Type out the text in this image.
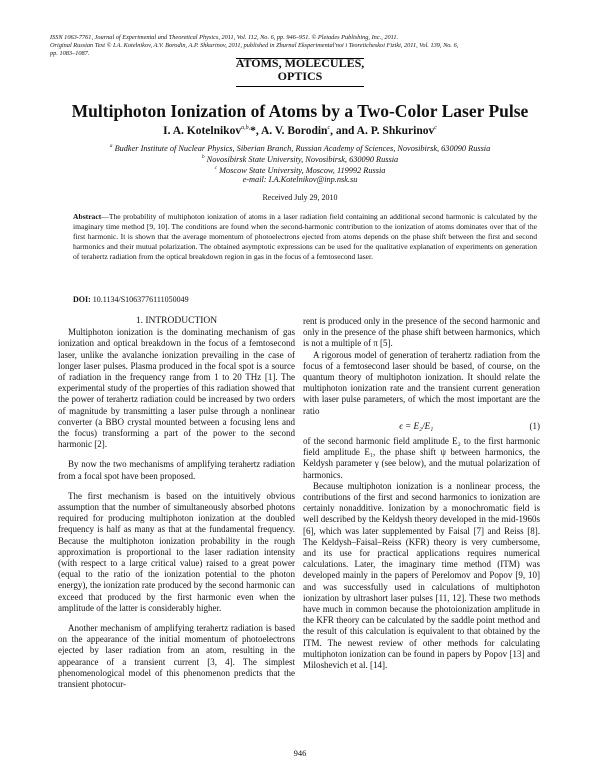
ISSN 1063-7761, Journal of Experimental and Theoretical Physics, 2011, Vol. 112, No. 6, pp. 946–951. © Pleiades Publishing, Inc., 2011.
Original Russian Text © I.A. Kotelnikov, A.V. Borodin, A.P. Shkurinov, 2011, published in Zhurnal Eksperimental'noi i Teoreticheskoi Fiziki, 2011, Vol. 139, No. 6,
pp. 1083–1087.
ATOMS, MOLECULES,
OPTICS
Multiphoton Ionization of Atoms by a Two-Color Laser Pulse
I. A. Kotelnikov$^{a,b,}$*, A. V. Borodin$^c$, and A. P. Shkurinov$^c$
$^a$ Budker Institute of Nuclear Physics, Siberian Branch, Russian Academy of Sciences, Novosibirsk, 630090 Russia
$^b$ Novosibirsk State University, Novosibirsk, 630090 Russia
$^c$ Moscow State University, Moscow, 119992 Russia
e-mail: I.A.Kotelnikov@inp.nsk.su
Received July 29, 2010
Abstract—The probability of multiphoton ionization of atoms in a laser radiation field containing an additional second harmonic is calculated by the imaginary time method [9, 10]. The conditions are found when the second-harmonic contribution to the ionization of atoms dominates over that of the first harmonic. It is shown that the average momentum of photoelectrons ejected from atoms depends on the phase shift between the first and second harmonics and their mutual polarization. The obtained asymptotic expressions can be used for the qualitative explanation of experiments on generation of terahertz radiation from the optical breakdown region in gas in the focus of a femtosecond laser.
DOI: 10.1134/S1063776111050049

1. INTRODUCTION

Multiphoton ionization is the dominating mechanism of gas ionization and optical breakdown in the focus of a femtosecond laser, unlike the avalanche ionization prevailing in the case of longer laser pulses. Plasma produced in the focal spot is a source of radiation in the frequency range from 1 to 20 THz [1]. The experimental study of the properties of this radiation showed that the power of terahertz radiation could be increased by two orders of magnitude by transmitting a laser pulse through a nonlinear converter (a BBO crystal mounted between a focusing lens and the focus) transforming a part of the power to the second harmonic [2].

By now the two mechanisms of amplifying terahertz radiation from a focal spot have been proposed.

The first mechanism is based on the intuitively obvious assumption that the number of simultaneously absorbed photons required for producing multiphoton ionization at the doubled frequency is half as many as that at the fundamental frequency. Because the multiphoton ionization probability in the rough approximation is proportional to the laser radiation intensity (with respect to a large critical value) raised to a great power (equal to the ratio of the ionization potential to the photon energy), the ionization rate produced by the second harmonic can exceed that produced by the first harmonic even when the amplitude of the latter is considerably higher.

Another mechanism of amplifying terahertz radiation is based on the appearance of the initial momentum of photoelectrons ejected by laser radiation from an atom, resulting in the appearance of a transient current [3, 4]. The simplest phenomenological model of this phenomenon predicts that the transient photocur-

rent is produced only in the presence of the second harmonic and only in the presence of the phase shift between harmonics, which is not a multiple of π [5].

A rigorous model of generation of terahertz radiation from the focus of a femtosecond laser should be based, of course, on the quantum theory of multiphoton ionization. It should relate the multiphoton ionization rate and the transient current generation with laser pulse parameters, of which the most important are the ratio

ϵ = E₂/E₁	(1)

of the second harmonic field amplitude E₂ to the first harmonic field amplitude E₁, the phase shift ψ between harmonics, the Keldysh parameter γ (see below), and the mutual polarization of harmonics.

Because multiphoton ionization is a nonlinear process, the contributions of the first and second harmonics to ionization are certainly nonadditive. Ionization by a monochromatic field is well described by the Keldysh theory developed in the mid-1960s [6], which was later supplemented by Faisal [7] and Reiss [8]. The Keldysh–Faisal–Reiss (KFR) theory is very cumbersome, and its use for practical applications requires numerical calculations. Later, the imaginary time method (ITM) was developed mainly in the papers of Perelomov and Popov [9, 10] and was successfully used in calculations of multiphoton ionization by ultrashort laser pulses [11, 12]. These two methods have much in common because the photoionization amplitude in the KFR theory can be calculated by the saddle point method and the result of this calculation is equivalent to that obtained by the ITM. The newest review of other methods for calculating multiphoton ionization can be found in papers by Popov [13] and Miloshevich et al. [14].

946
